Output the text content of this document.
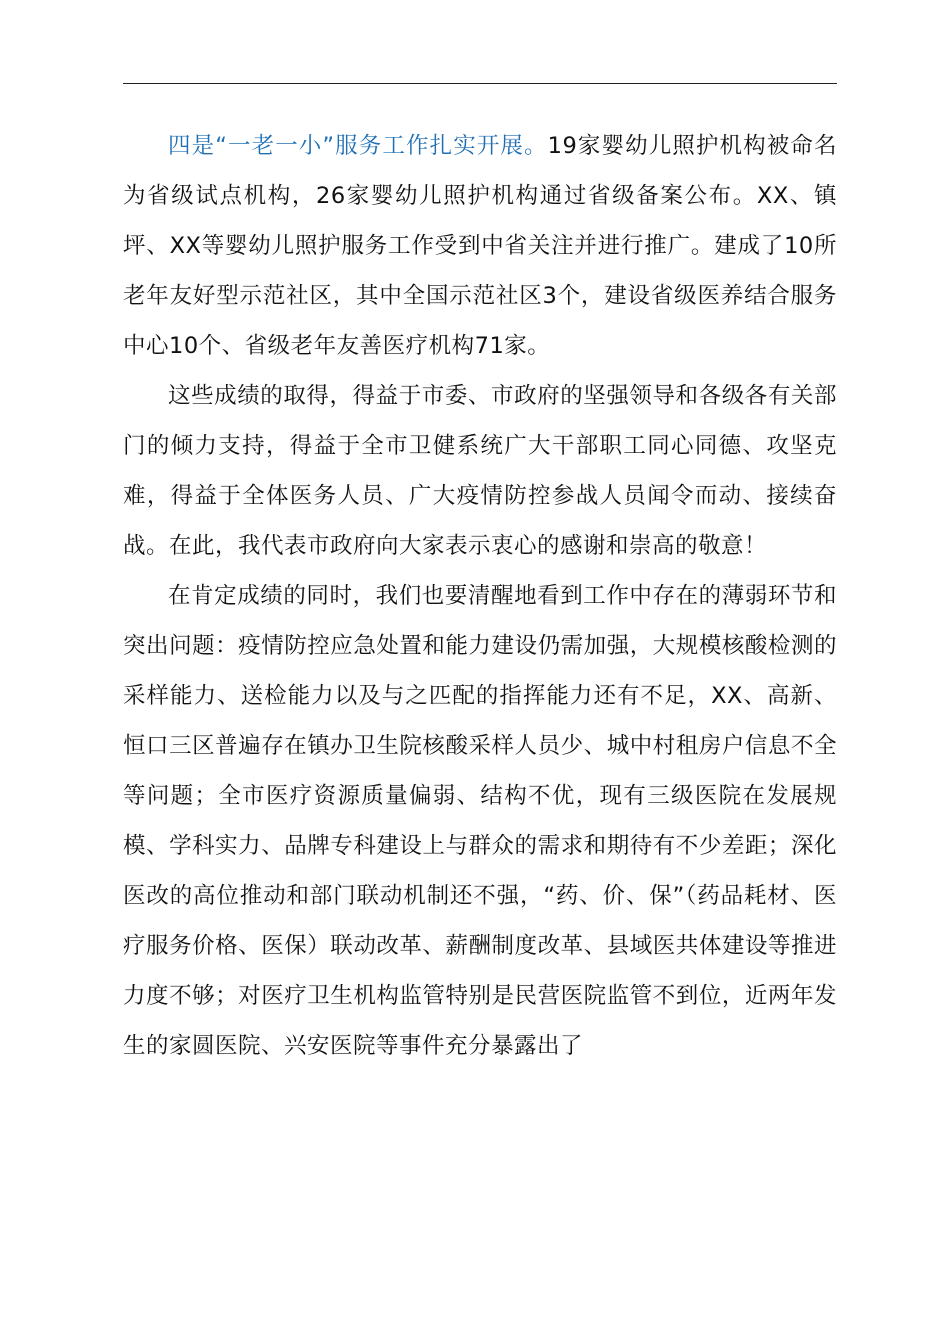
四是“一老一小”服务工作扎实开展。19家婴幼儿照护机构被命名为省级试点机构，26家婴幼儿照护机构通过省级备案公布。XX、镇坪、XX等婴幼儿照护服务工作受到中省关注并进行推广。建成了10所老年友好型示范社区，其中全国示范社区3个，建设省级医养结合服务中心10个、省级老年友善医疗机构71家。

这些成绩的取得，得益于市委、市政府的坚强领导和各级各有关部门的倾力支持，得益于全市卫健系统广大干部职工同心同德、攻坚克难，得益于全体医务人员、广大疫情防控参战人员闻令而动、接续奋战。在此，我代表市政府向大家表示衷心的感谢和崇高的敬意！

在肯定成绩的同时，我们也要清醒地看到工作中存在的薄弱环节和突出问题：疫情防控应急处置和能力建设仍需加强，大规模核酸检测的采样能力、送检能力以及与之匹配的指挥能力还有不足，XX、高新、恒口三区普遍存在镇办卫生院核酸采样人员少、城中村租房户信息不全等问题；全市医疗资源质量偏弱、结构不优，现有三级医院在发展规模、学科实力、品牌专科建设上与群众的需求和期待有不少差距；深化医改的高位推动和部门联动机制还不强，“药、价、保”（药品耗材、医疗服务价格、医保）联动改革、薪酬制度改革、县域医共体建设等推进力度不够；对医疗卫生机构监管特别是民营医院监管不到位，近两年发生的家圆医院、兴安医院等事件充分暴露出了
